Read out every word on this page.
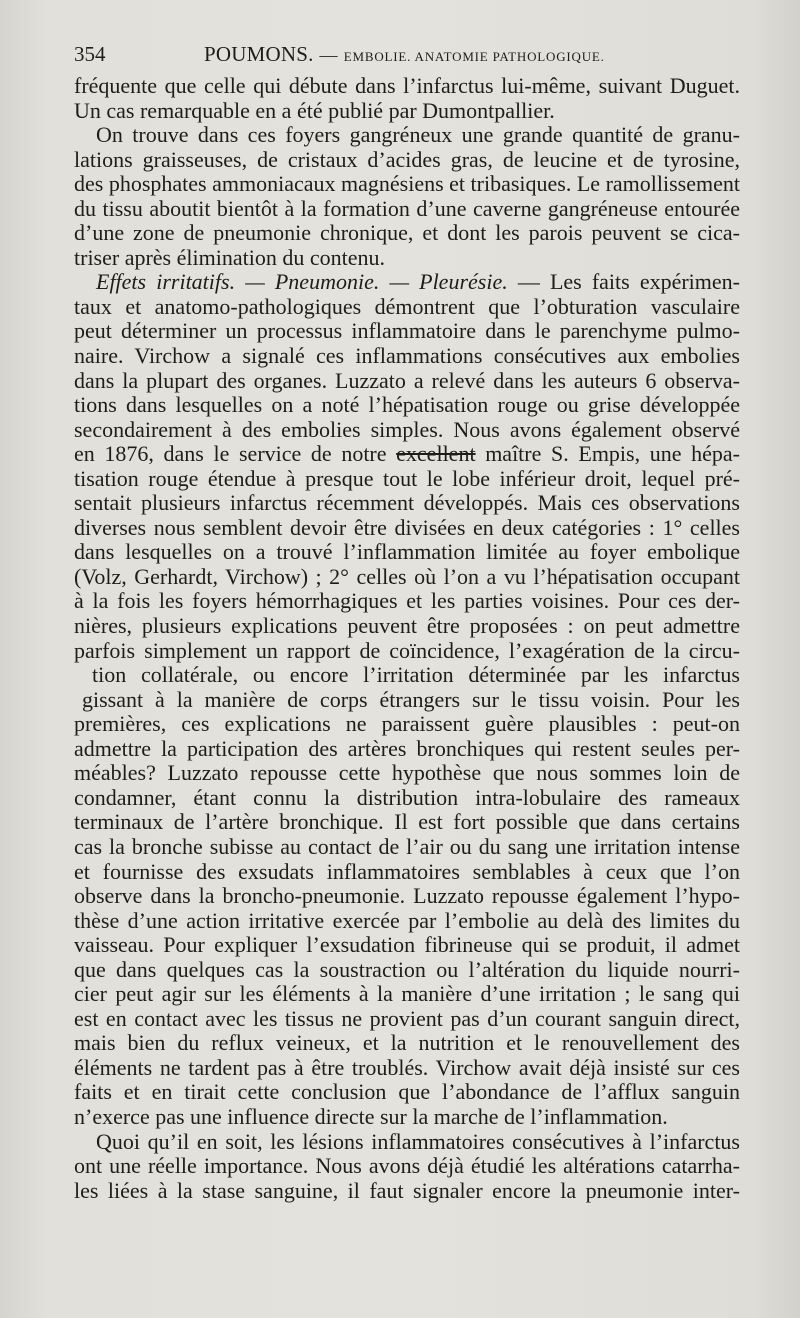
354	POUMONS. — EMBOLIE. ANATOMIE PATHOLOGIQUE.
fréquente que celle qui débute dans l’infarctus lui-même, suivant Duguet.
Un cas remarquable en a été publié par Dumontpallier.
On trouve dans ces foyers gangréneux une grande quantité de granu-
lations graisseuses, de cristaux d’acides gras, de leucine et de tyrosine,
des phosphates ammoniacaux magnésiens et tribasiques. Le ramollissement
du tissu aboutit bientôt à la formation d’une caverne gangréneuse entourée
d’une zone de pneumonie chronique, et dont les parois peuvent se cica-
triser après élimination du contenu.
Effets irritatifs. — Pneumonie. — Pleurésie. — Les faits expérimen-
taux et anatomo-pathologiques démontrent que l’obturation vasculaire
peut déterminer un processus inflammatoire dans le parenchyme pulmo-
naire. Virchow a signalé ces inflammations consécutives aux embolies
dans la plupart des organes. Luzzato a relevé dans les auteurs 6 observa-
tions dans lesquelles on a noté l’hépatisation rouge ou grise développée
secondairement à des embolies simples. Nous avons également observé
en 1876, dans le service de notre excellent maître S. Empis, une hépa-
tisation rouge étendue à presque tout le lobe inférieur droit, lequel pré-
sentait plusieurs infarctus récemment développés. Mais ces observations
diverses nous semblent devoir être divisées en deux catégories : 1° celles
dans lesquelles on a trouvé l’inflammation limitée au foyer embolique
(Volz, Gerhardt, Virchow) ; 2° celles où l’on a vu l’hépatisation occupant
à la fois les foyers hémorrhagiques et les parties voisines. Pour ces der-
nières, plusieurs explications peuvent être proposées : on peut admettre
parfois simplement un rapport de coïncidence, l’exagération de la circu-
tion collatérale, ou encore l’irritation déterminée par les infarctus
gissant à la manière de corps étrangers sur le tissu voisin. Pour les
premières, ces explications ne paraissent guère plausibles : peut-on
admettre la participation des artères bronchiques qui restent seules per-
méables? Luzzato repousse cette hypothèse que nous sommes loin de
condamner, étant connu la distribution intra-lobulaire des rameaux
terminaux de l’artère bronchique. Il est fort possible que dans certains
cas la bronche subisse au contact de l’air ou du sang une irritation intense
et fournisse des exsudats inflammatoires semblables à ceux que l’on
observe dans la broncho-pneumonie. Luzzato repousse également l’hypo-
thèse d’une action irritative exercée par l’embolie au delà des limites du
vaisseau. Pour expliquer l’exsudation fibrineuse qui se produit, il admet
que dans quelques cas la soustraction ou l’altération du liquide nourri-
cier peut agir sur les éléments à la manière d’une irritation ; le sang qui
est en contact avec les tissus ne provient pas d’un courant sanguin direct,
mais bien du reflux veineux, et la nutrition et le renouvellement des
éléments ne tardent pas à être troublés. Virchow avait déjà insisté sur ces
faits et en tirait cette conclusion que l’abondance de l’afflux sanguin
n’exerce pas une influence directe sur la marche de l’inflammation.
Quoi qu’il en soit, les lésions inflammatoires consécutives à l’infarctus
ont une réelle importance. Nous avons déjà étudié les altérations catarrha-
les liées à la stase sanguine, il faut signaler encore la pneumonie inter-
